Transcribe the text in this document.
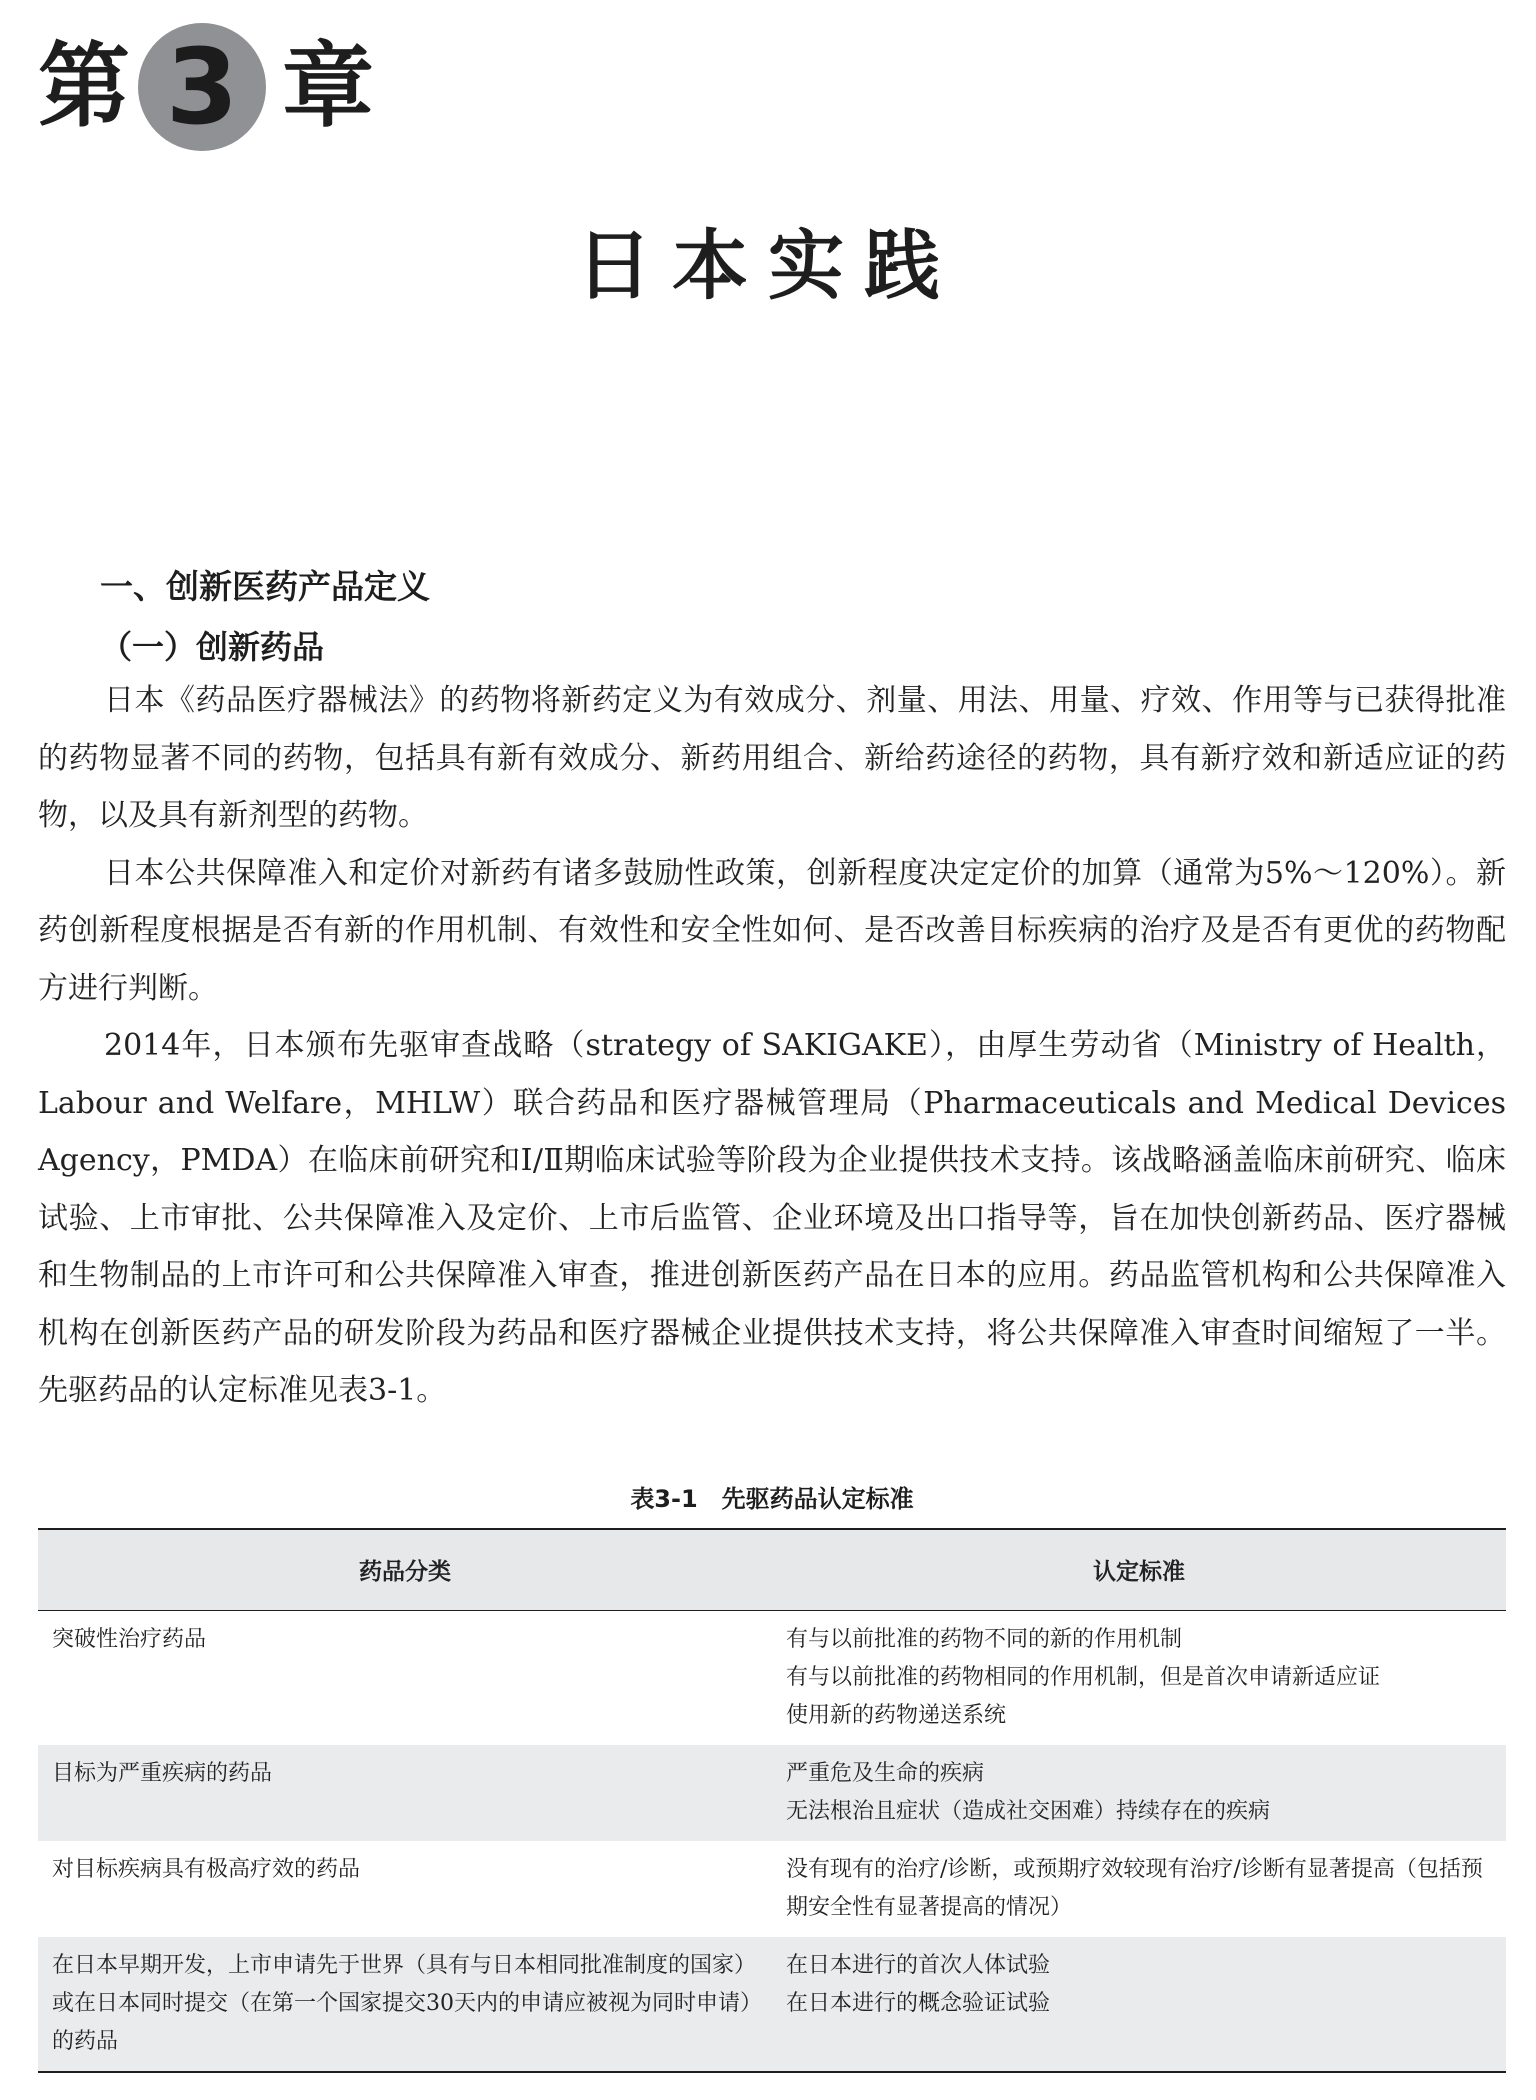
第 3 章
日本实践
一、创新医药产品定义
（一）创新药品

日本《药品医疗器械法》的药物将新药定义为有效成分、剂量、用法、用量、疗效、作用等与已获得批准的药物显著不同的药物，包括具有新有效成分、新药用组合、新给药途径的药物，具有新疗效和新适应证的药物，以及具有新剂型的药物。

日本公共保障准入和定价对新药有诸多鼓励性政策，创新程度决定定价的加算（通常为5%～120%）。新药创新程度根据是否有新的作用机制、有效性和安全性如何、是否改善目标疾病的治疗及是否有更优的药物配方进行判断。

2014年，日本颁布先驱审查战略（strategy of SAKIGAKE），由厚生劳动省（Ministry of Health，Labour and Welfare，MHLW）联合药品和医疗器械管理局（Pharmaceuticals and Medical Devices Agency，PMDA）在临床前研究和Ⅰ/Ⅱ期临床试验等阶段为企业提供技术支持。该战略涵盖临床前研究、临床试验、上市审批、公共保障准入及定价、上市后监管、企业环境及出口指导等，旨在加快创新药品、医疗器械和生物制品的上市许可和公共保障准入审查，推进创新医药产品在日本的应用。药品监管机构和公共保障准入机构在创新医药产品的研发阶段为药品和医疗器械企业提供技术支持，将公共保障准入审查时间缩短了一半。先驱药品的认定标准见表3-1。

表3-1　先驱药品认定标准
药品分类	认定标准
突破性治疗药品	有与以前批准的药物不同的新的作用机制
有与以前批准的药物相同的作用机制，但是首次申请新适应证
使用新的药物递送系统

目标为严重疾病的药品	严重危及生命的疾病
无法根治且症状（造成社交困难）持续存在的疾病

对目标疾病具有极高疗效的药品	没有现有的治疗/诊断，或预期疗效较现有治疗/诊断有显著提高（包括预期安全性有显著提高的情况）

在日本早期开发，上市申请先于世界（具有与日本相同批准制度的国家）或在日本同时提交（在第一个国家提交30天内的申请应被视为同时申请）的药品	在日本进行的首次人体试验
在日本进行的概念验证试验
